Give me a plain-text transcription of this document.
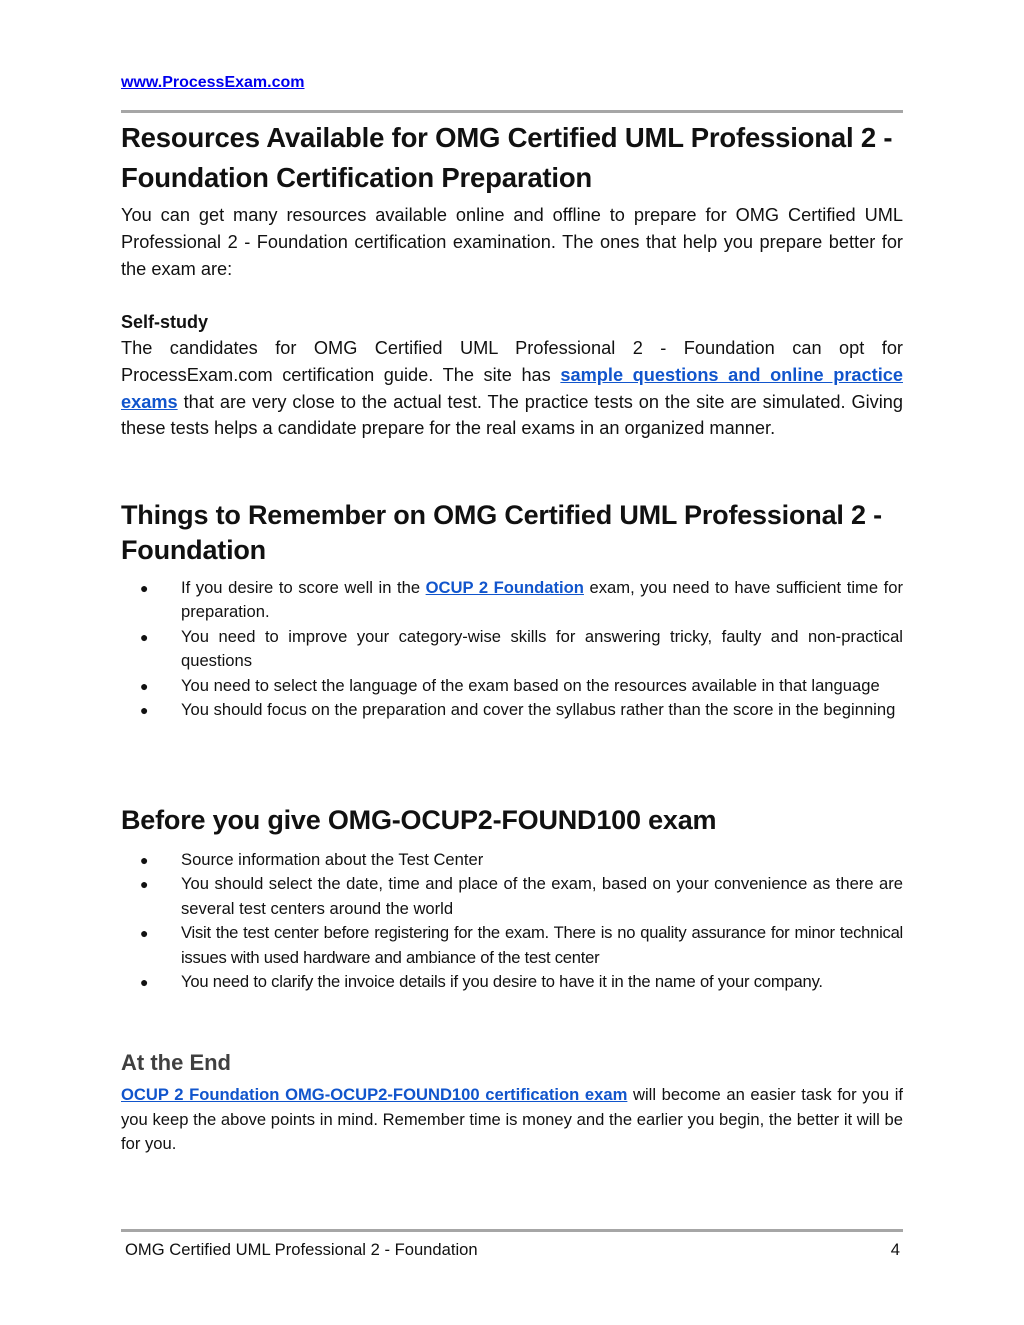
www.ProcessExam.com
Resources Available for OMG Certified UML Professional 2 - Foundation Certification Preparation

You can get many resources available online and offline to prepare for OMG Certified UML Professional 2 - Foundation certification examination. The ones that help you prepare better for the exam are:

Self-study

The candidates for OMG Certified UML Professional 2 - Foundation can opt for ProcessExam.com certification guide. The site has sample questions and online practice exams that are very close to the actual test. The practice tests on the site are simulated. Giving these tests helps a candidate prepare for the real exams in an organized manner.

Things to Remember on OMG Certified UML Professional 2 - Foundation
● If you desire to score well in the OCUP 2 Foundation exam, you need to have sufficient time for preparation.
● You need to improve your category-wise skills for answering tricky, faulty and non-practical questions
● You need to select the language of the exam based on the resources available in that language
● You should focus on the preparation and cover the syllabus rather than the score in the beginning
Before you give OMG-OCUP2-FOUND100 exam
● Source information about the Test Center
● You should select the date, time and place of the exam, based on your convenience as there are several test centers around the world
● Visit the test center before registering for the exam. There is no quality assurance for minor technical issues with used hardware and ambiance of the test center
● You need to clarify the invoice details if you desire to have it in the name of your company.
At the End

OCUP 2 Foundation OMG-OCUP2-FOUND100 certification exam will become an easier task for you if you keep the above points in mind. Remember time is money and the earlier you begin, the better it will be for you.

OMG Certified UML Professional 2 - Foundation	4
